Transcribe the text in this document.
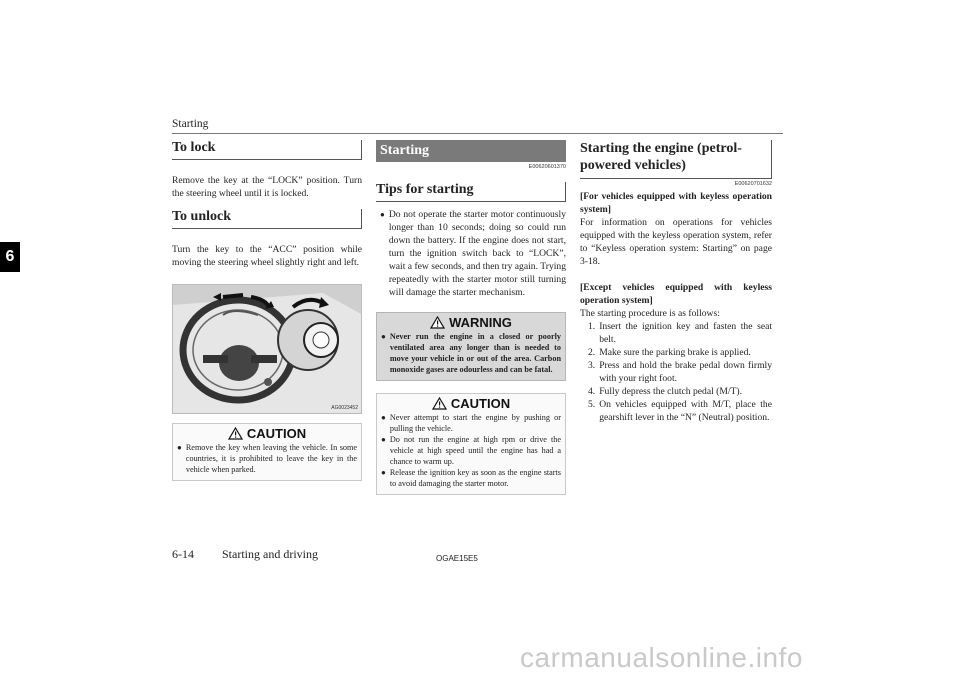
Starting
6
To lock

Remove the key at the “LOCK” position. Turn the steering wheel until it is locked.

To unlock

Turn the key to the “ACC” position while moving the steering wheel slightly right and left.

AG0023452
CAUTION
● Remove the key when leaving the vehicle. In some countries, it is prohibited to leave the key in the vehicle when parked.
Starting
E00620601370
Tips for starting
● Do not operate the starter motor continuously longer than 10 seconds; doing so could run down the battery. If the engine does not start, turn the ignition switch back to “LOCK”, wait a few seconds, and then try again. Trying repeatedly with the starter motor still turning will damage the starter mechanism.
WARNING
● Never run the engine in a closed or poorly ventilated area any longer than is needed to move your vehicle in or out of the area. Carbon monoxide gases are odourless and can be fatal.
CAUTION
● Never attempt to start the engine by pushing or pulling the vehicle.
● Do not run the engine at high rpm or drive the vehicle at high speed until the engine has had a chance to warm up.
● Release the ignition key as soon as the engine starts to avoid damaging the starter motor.
Starting the engine (petrol-powered vehicles)
E00620701632

[For vehicles equipped with keyless operation system]

For information on operations for vehicles equipped with the keyless operation system, refer to “Keyless operation system: Starting” on page 3-18.

[Except vehicles equipped with keyless operation system]

The starting procedure is as follows:

1. Insert the ignition key and fasten the seat belt.
2. Make sure the parking brake is applied.
3. Press and hold the brake pedal down firmly with your right foot.
4. Fully depress the clutch pedal (M/T).
5. On vehicles equipped with M/T, place the gearshift lever in the “N” (Neutral) position.
6-14 Starting and driving	OGAE15E5
carmanualsonline.info
